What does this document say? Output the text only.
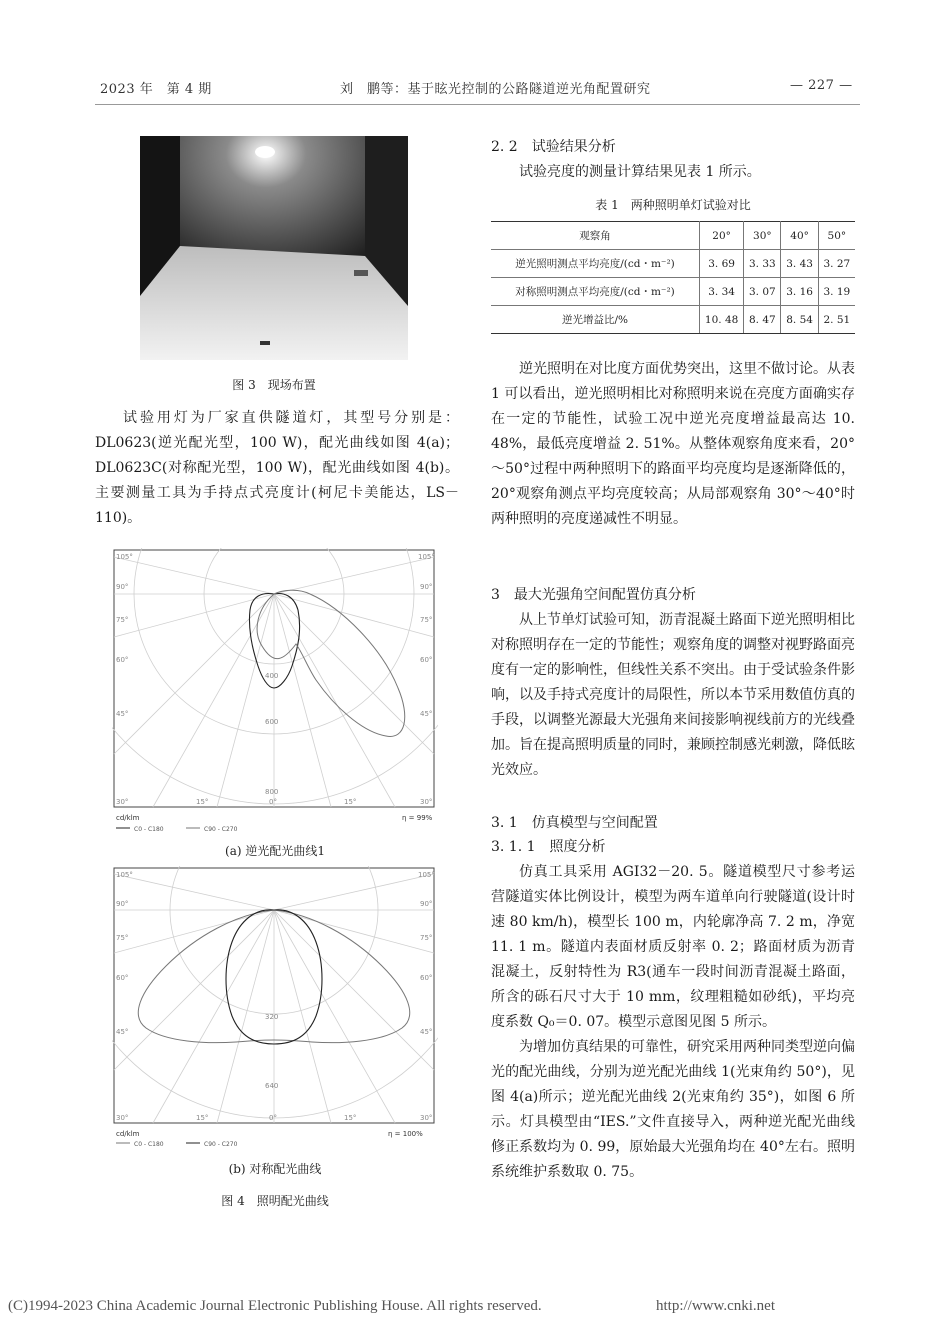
2023 年　第 4 期	刘　鹏等：基于眩光控制的公路隧道逆光角配置研究	— 227 —
图 3　现场布置

试验用灯为厂家直供隧道灯，其型号分别是：DL0623(逆光配光型，100 W)，配光曲线如图 4(a)；DL0623C(对称配光型，100 W)，配光曲线如图 4(b)。主要测量工具为手持点式亮度计(柯尼卡美能达，LS－110)。

105°	105°
90°	90°
75°	75°
60°	60°
45°	45°
30°	15°	0°	15°	30°
400
600
800
cd/klm	η = 99%
C0 - C180	C90 - C270
(a) 逆光配光曲线1
105°	105°
90°	90°
75°	75°
60°	60°
45°	45°
30°	15°	0°	15°	30°
320
640
cd/klm	η = 100%
C0 - C180	C90 - C270
(b) 对称配光曲线
图 4　照明配光曲线
2. 2　试验结果分析

试验亮度的测量计算结果见表 1 所示。

表 1　两种照明单灯试验对比
观察角	20°	30°	40°	50°
逆光照明测点平均亮度/(cd・m⁻²)	3. 69	3. 33	3. 43	3. 27
对称照明测点平均亮度/(cd・m⁻²)	3. 34	3. 07	3. 16	3. 19
逆光增益比/%	10. 48	8. 47	8. 54	2. 51

逆光照明在对比度方面优势突出，这里不做讨论。从表 1 可以看出，逆光照明相比对称照明来说在亮度方面确实存在一定的节能性，试验工况中逆光亮度增益最高达 10. 48%，最低亮度增益 2. 51%。从整体观察角度来看，20°～50°过程中两种照明下的路面平均亮度均是逐渐降低的，20°观察角测点平均亮度较高；从局部观察角 30°～40°时两种照明的亮度递减性不明显。

3　最大光强角空间配置仿真分析

从上节单灯试验可知，沥青混凝土路面下逆光照明相比对称照明存在一定的节能性；观察角度的调整对视野路面亮度有一定的影响性，但线性关系不突出。由于受试验条件影响，以及手持式亮度计的局限性，所以本节采用数值仿真的手段，以调整光源最大光强角来间接影响视线前方的光线叠加。旨在提高照明质量的同时，兼顾控制感光刺激，降低眩光效应。

3. 1　仿真模型与空间配置
3. 1. 1　照度分析

仿真工具采用 AGI32－20. 5。隧道模型尺寸参考运营隧道实体比例设计，模型为两车道单向行驶隧道(设计时速 80 km/h)，模型长 100 m，内轮廓净高 7. 2 m，净宽 11. 1 m。隧道内表面材质反射率 0. 2；路面材质为沥青混凝土，反射特性为 R3(通车一段时间沥青混凝土路面，所含的砾石尺寸大于 10 mm，纹理粗糙如砂纸)，平均亮度系数 Q₀＝0. 07。模型示意图见图 5 所示。

为增加仿真结果的可靠性，研究采用两种同类型逆向偏光的配光曲线，分别为逆光配光曲线 1(光束角约 50°)，见图 4(a)所示；逆光配光曲线 2(光束角约 35°)，如图 6 所示。灯具模型由“IES.”文件直接导入，两种逆光配光曲线修正系数均为 0. 99，原始最大光强角均在 40°左右。照明系统维护系数取 0. 75。

(C)1994-2023 China Academic Journal Electronic Publishing House. All rights reserved.	http://www.cnki.net
